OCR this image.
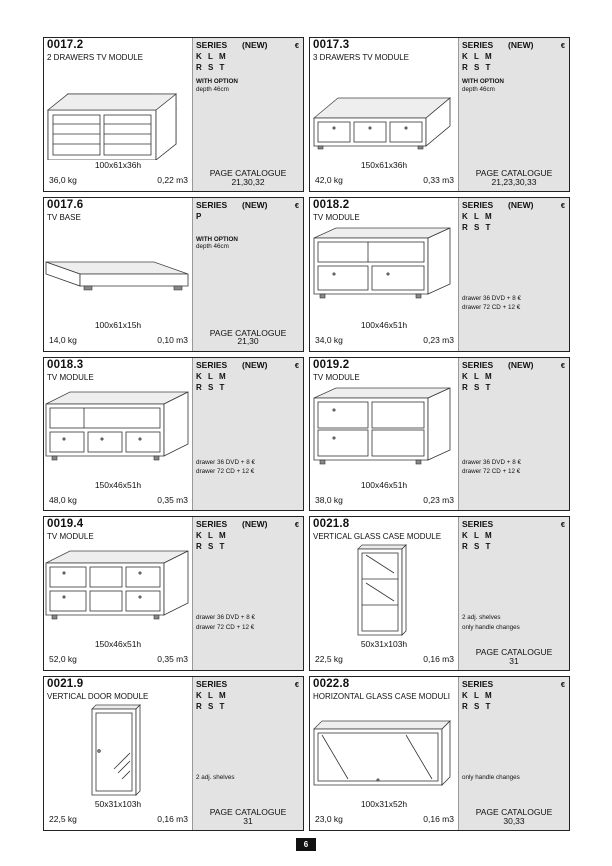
0017.2
2 DRAWERS TV MODULE
100x61x36h
36,0 kg	0,22 m3
SERIES	(NEW)	€
K L M
R S T
WITH OPTION
depth 46cm
PAGE CATALOGUE
21,30,32
0017.3
3 DRAWERS TV MODULE
150x61x36h
42,0 kg	0,33 m3
SERIES	(NEW)	€
K L M
R S T
WITH OPTION
depth 46cm
PAGE CATALOGUE
21,23,30,33
0017.6
TV BASE
100x61x15h
14,0 kg	0,10 m3
SERIES	(NEW)	€
P
WITH OPTION
depth 46cm
PAGE CATALOGUE
21,30
0018.2
TV MODULE
100x46x51h
34,0 kg	0,23 m3
SERIES	(NEW)	€
K L M
R S T
drawer 36 DVD + 8 €
drawer 72 CD + 12 €
0018.3
TV MODULE
150x46x51h
48,0 kg	0,35 m3
SERIES	(NEW)	€
K L M
R S T
drawer 36 DVD + 8 €
drawer 72 CD + 12 €
0019.2
TV MODULE
100x46x51h
38,0 kg	0,23 m3
SERIES	(NEW)	€
K L M
R S T
drawer 36 DVD + 8 €
drawer 72 CD + 12 €
0019.4
TV MODULE
150x46x51h
52,0 kg	0,35 m3
SERIES	(NEW)	€
K L M
R S T
drawer 36 DVD + 8 €
drawer 72 CD + 12 €
0021.8
VERTICAL GLASS CASE MODULE
50x31x103h
22,5 kg	0,16 m3
SERIES	€
K L M
R S T
2 adj. shelves
only handle changes
PAGE CATALOGUE
31
0021.9
VERTICAL DOOR MODULE
50x31x103h
22,5 kg	0,16 m3
SERIES	€
K L M
R S T
2 adj. shelves
PAGE CATALOGUE
31
0022.8
HORIZONTAL GLASS CASE MODULI
100x31x52h
23,0 kg	0,16 m3
SERIES	€
K L M
R S T
only handle changes
PAGE CATALOGUE
30,33
6
